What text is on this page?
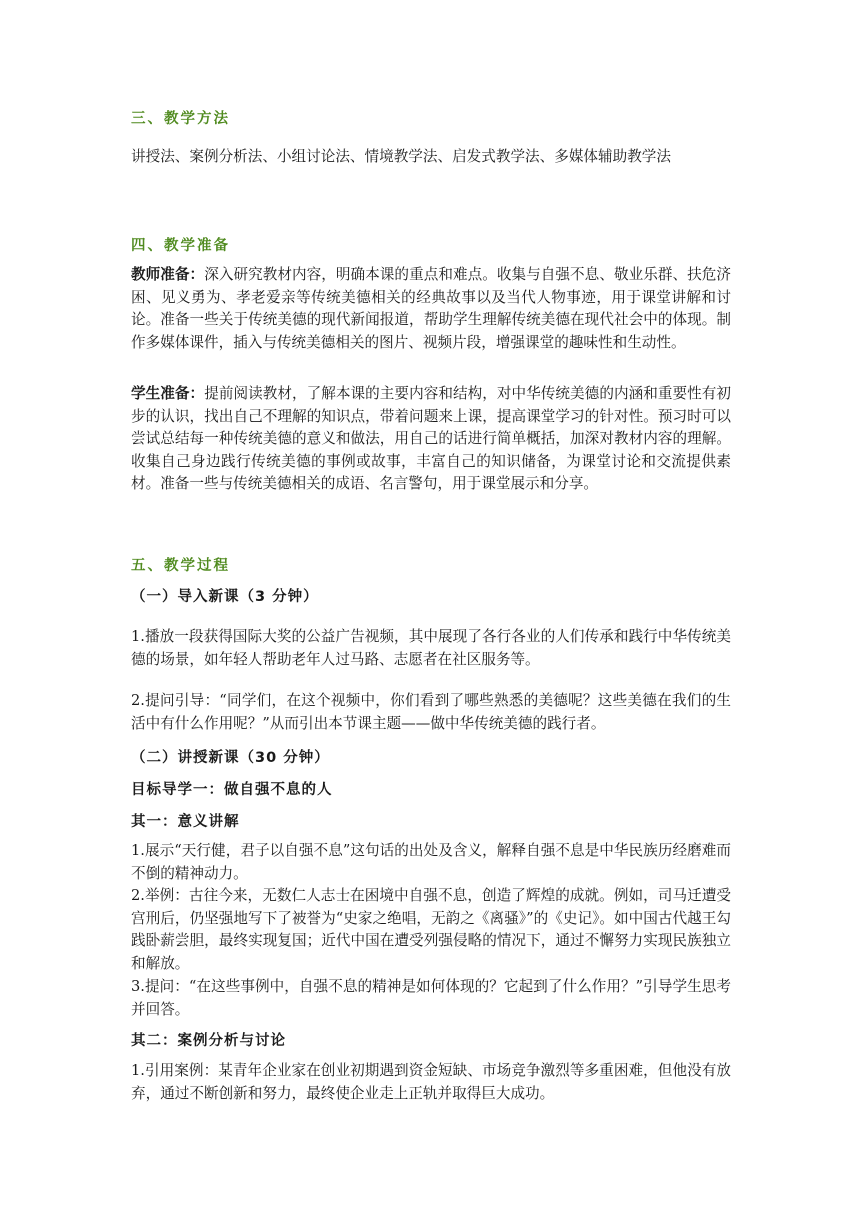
三、教学方法
讲授法、案例分析法、小组讨论法、情境教学法、启发式教学法、多媒体辅助教学法
四、教学准备
教师准备：深入研究教材内容，明确本课的重点和难点。收集与自强不息、敬业乐群、扶危济困、见义勇为、孝老爱亲等传统美德相关的经典故事以及当代人物事迹，用于课堂讲解和讨论。准备一些关于传统美德的现代新闻报道，帮助学生理解传统美德在现代社会中的体现。制作多媒体课件，插入与传统美德相关的图片、视频片段，增强课堂的趣味性和生动性。
学生准备：提前阅读教材，了解本课的主要内容和结构，对中华传统美德的内涵和重要性有初步的认识，找出自己不理解的知识点，带着问题来上课，提高课堂学习的针对性。预习时可以尝试总结每一种传统美德的意义和做法，用自己的话进行简单概括，加深对教材内容的理解。收集自己身边践行传统美德的事例或故事，丰富自己的知识储备，为课堂讨论和交流提供素材。准备一些与传统美德相关的成语、名言警句，用于课堂展示和分享。
五、教学过程
（一）导入新课（3 分钟）
1.播放一段获得国际大奖的公益广告视频，其中展现了各行各业的人们传承和践行中华传统美德的场景，如年轻人帮助老年人过马路、志愿者在社区服务等。
2.提问引导：“同学们，在这个视频中，你们看到了哪些熟悉的美德呢？这些美德在我们的生活中有什么作用呢？”从而引出本节课主题——做中华传统美德的践行者。
（二）讲授新课（30 分钟）
目标导学一：做自强不息的人
其一：意义讲解
1.展示“天行健，君子以自强不息”这句话的出处及含义，解释自强不息是中华民族历经磨难而不倒的精神动力。
2.举例：古往今来，无数仁人志士在困境中自强不息，创造了辉煌的成就。例如，司马迁遭受宫刑后，仍坚强地写下了被誉为“史家之绝唱，无韵之《离骚》”的《史记》。如中国古代越王勾践卧薪尝胆，最终实现复国；近代中国在遭受列强侵略的情况下，通过不懈努力实现民族独立和解放。
3.提问：“在这些事例中，自强不息的精神是如何体现的？它起到了什么作用？”引导学生思考并回答。
其二：案例分析与讨论
1.引用案例：某青年企业家在创业初期遇到资金短缺、市场竞争激烈等多重困难，但他没有放弃，通过不断创新和努力，最终使企业走上正轨并取得巨大成功。
